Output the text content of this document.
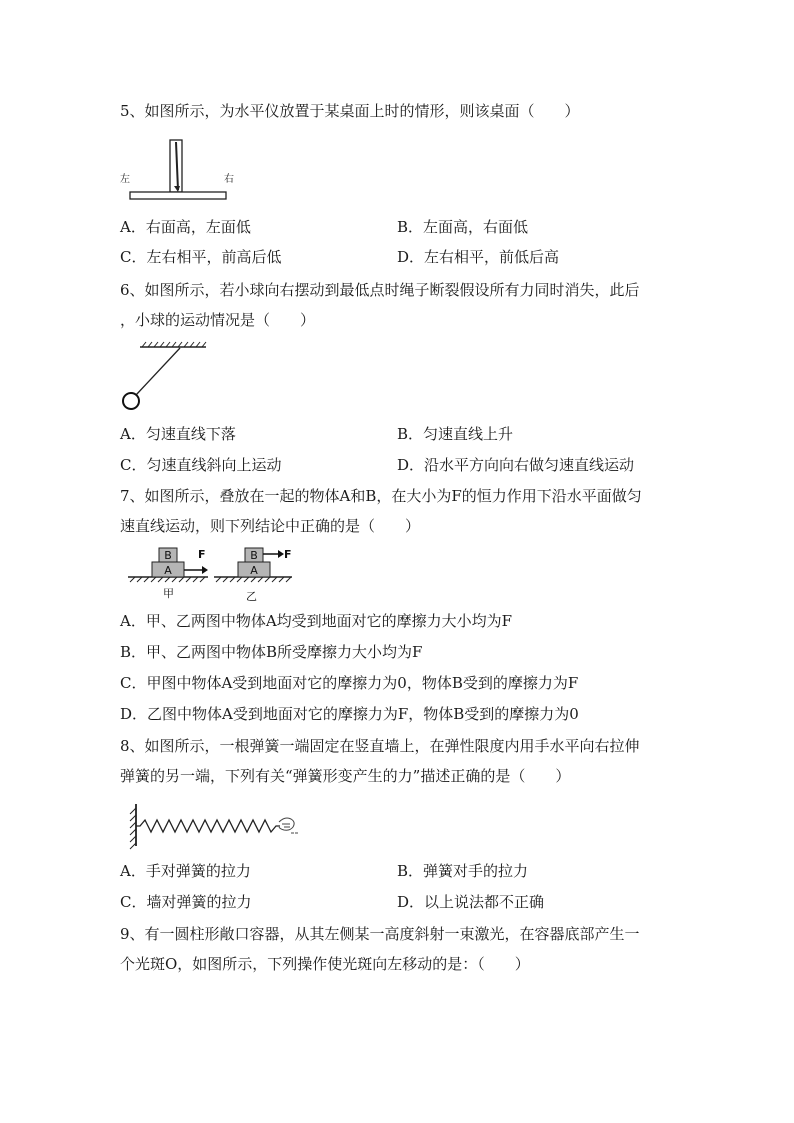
5、如图所示，为水平仪放置于某桌面上时的情形，则该桌面（　　）
左	右
A．右面高，左面低	B．左面高，右面低
C．左右相平，前高后低	D．左右相平，前低后高
6、如图所示，若小球向右摆动到最低点时绳子断裂假设所有力同时消失，此后
，小球的运动情况是（　　）
A．匀速直线下落	B．匀速直线上升
C．匀速直线斜向上运动	D．沿水平方向向右做匀速直线运动
7、如图所示，叠放在一起的物体A和B，在大小为F的恒力作用下沿水平面做匀
速直线运动，则下列结论中正确的是（　　）
A
B F
甲
A
B F
乙
A．甲、乙两图中物体A均受到地面对它的摩擦力大小均为F
B．甲、乙两图中物体B所受摩擦力大小均为F
C．甲图中物体A受到地面对它的摩擦力为0，物体B受到的摩擦力为F
D．乙图中物体A受到地面对它的摩擦力为F，物体B受到的摩擦力为0
8、如图所示，一根弹簧一端固定在竖直墙上，在弹性限度内用手水平向右拉伸
弹簧的另一端，下列有关“弹簧形变产生的力”描述正确的是（　　）
A．手对弹簧的拉力	B．弹簧对手的拉力
C．墙对弹簧的拉力	D．以上说法都不正确
9、有一圆柱形敞口容器，从其左侧某一高度斜射一束激光，在容器底部产生一
个光斑O，如图所示，下列操作使光斑向左移动的是：（　　）
